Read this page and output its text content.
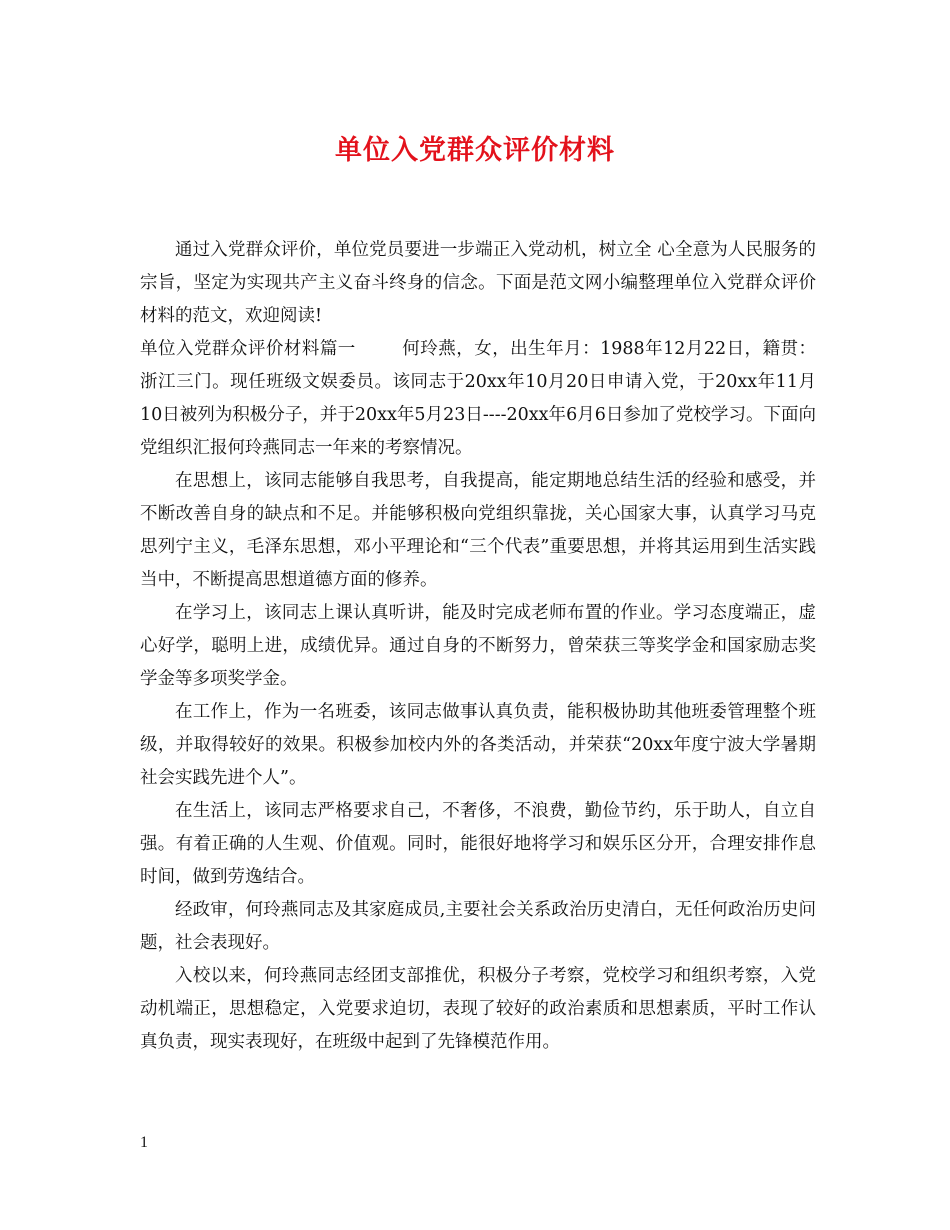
单位入党群众评价材料

通过入党群众评价，单位党员要进一步端正入党动机，树立全 心全意为人民服务的宗旨，坚定为实现共产主义奋斗终身的信念。下面是范文网小编整理单位入党群众评价材料的范文，欢迎阅读!

单位入党群众评价材料篇一	何玲燕，女，出生年月：1988年12月22日，籍贯：浙江三门。现任班级文娱委员。该同志于20xx年10月20日申请入党，于20xx年11月10日被列为积极分子，并于20xx年5月23日----20xx年6月6日参加了党校学习。下面向党组织汇报何玲燕同志一年来的考察情况。

在思想上，该同志能够自我思考，自我提高，能定期地总结生活的经验和感受，并不断改善自身的缺点和不足。并能够积极向党组织靠拢，关心国家大事，认真学习马克思列宁主义，毛泽东思想，邓小平理论和“三个代表”重要思想，并将其运用到生活实践当中，不断提高思想道德方面的修养。

在学习上，该同志上课认真听讲，能及时完成老师布置的作业。学习态度端正，虚心好学，聪明上进，成绩优异。通过自身的不断努力，曾荣获三等奖学金和国家励志奖学金等多项奖学金。

在工作上，作为一名班委，该同志做事认真负责，能积极协助其他班委管理整个班级，并取得较好的效果。积极参加校内外的各类活动，并荣获“20xx年度宁波大学暑期社会实践先进个人”。

在生活上，该同志严格要求自己，不奢侈，不浪费，勤俭节约，乐于助人，自立自强。有着正确的人生观、价值观。同时，能很好地将学习和娱乐区分开，合理安排作息时间，做到劳逸结合。

经政审，何玲燕同志及其家庭成员,主要社会关系政治历史清白，无任何政治历史问题，社会表现好。

入校以来，何玲燕同志经团支部推优，积极分子考察，党校学习和组织考察，入党动机端正，思想稳定，入党要求迫切，表现了较好的政治素质和思想素质，平时工作认真负责，现实表现好，在班级中起到了先锋模范作用。

1
